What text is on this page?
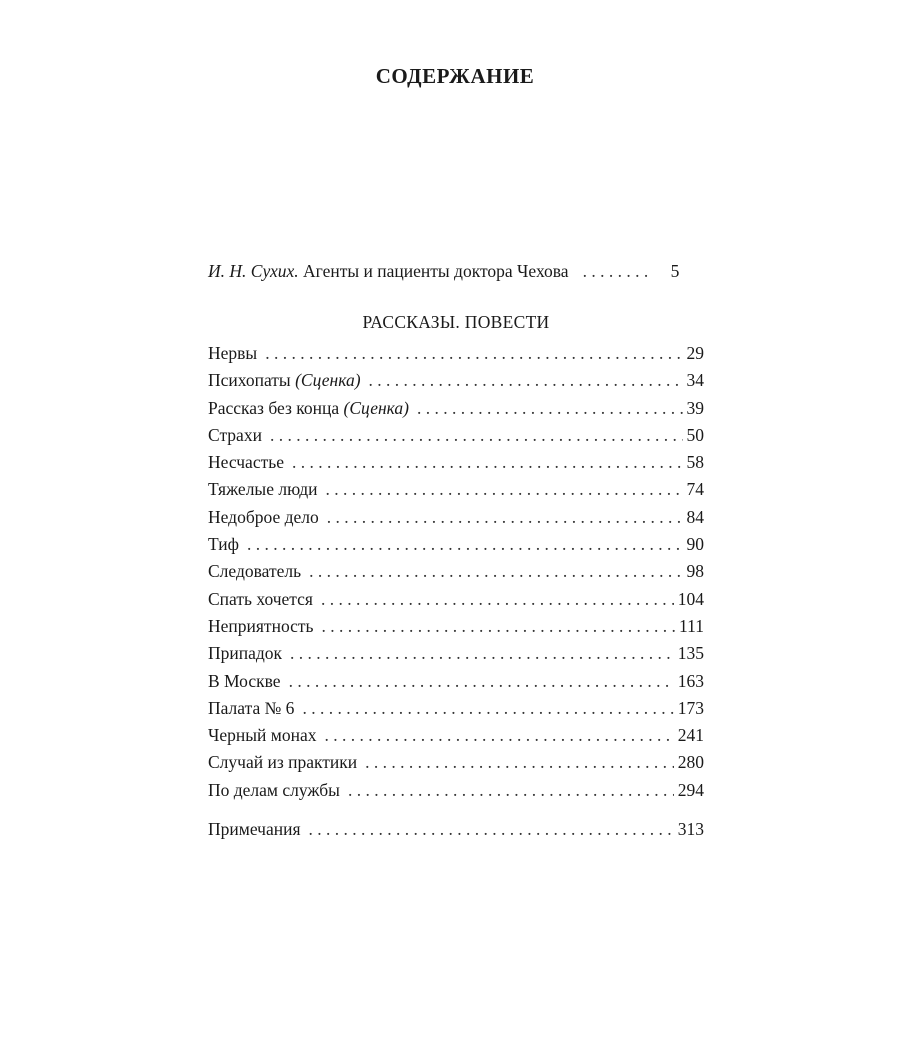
СОДЕРЖАНИЕ
И. Н. Сухих. Агенты и пациенты доктора Чехова . . .	5
РАССКАЗЫ. ПОВЕСТИ
Нервы . . .	29
Психопаты (Сценка) . . .	34
Рассказ без конца (Сценка) . . .	39
Страхи . . .	50
Несчастье . . .	58
Тяжелые люди . . .	74
Недоброе дело . . .	84
Тиф . . .	90
Следователь . . .	98
Спать хочется . . .	104
Неприятность . . .	111
Припадок . . .	135
В Москве . . .	163
Палата № 6 . . .	173
Черный монах . . .	241
Случай из практики . . .	280
По делам службы . . .	294
Примечания . . .	313
